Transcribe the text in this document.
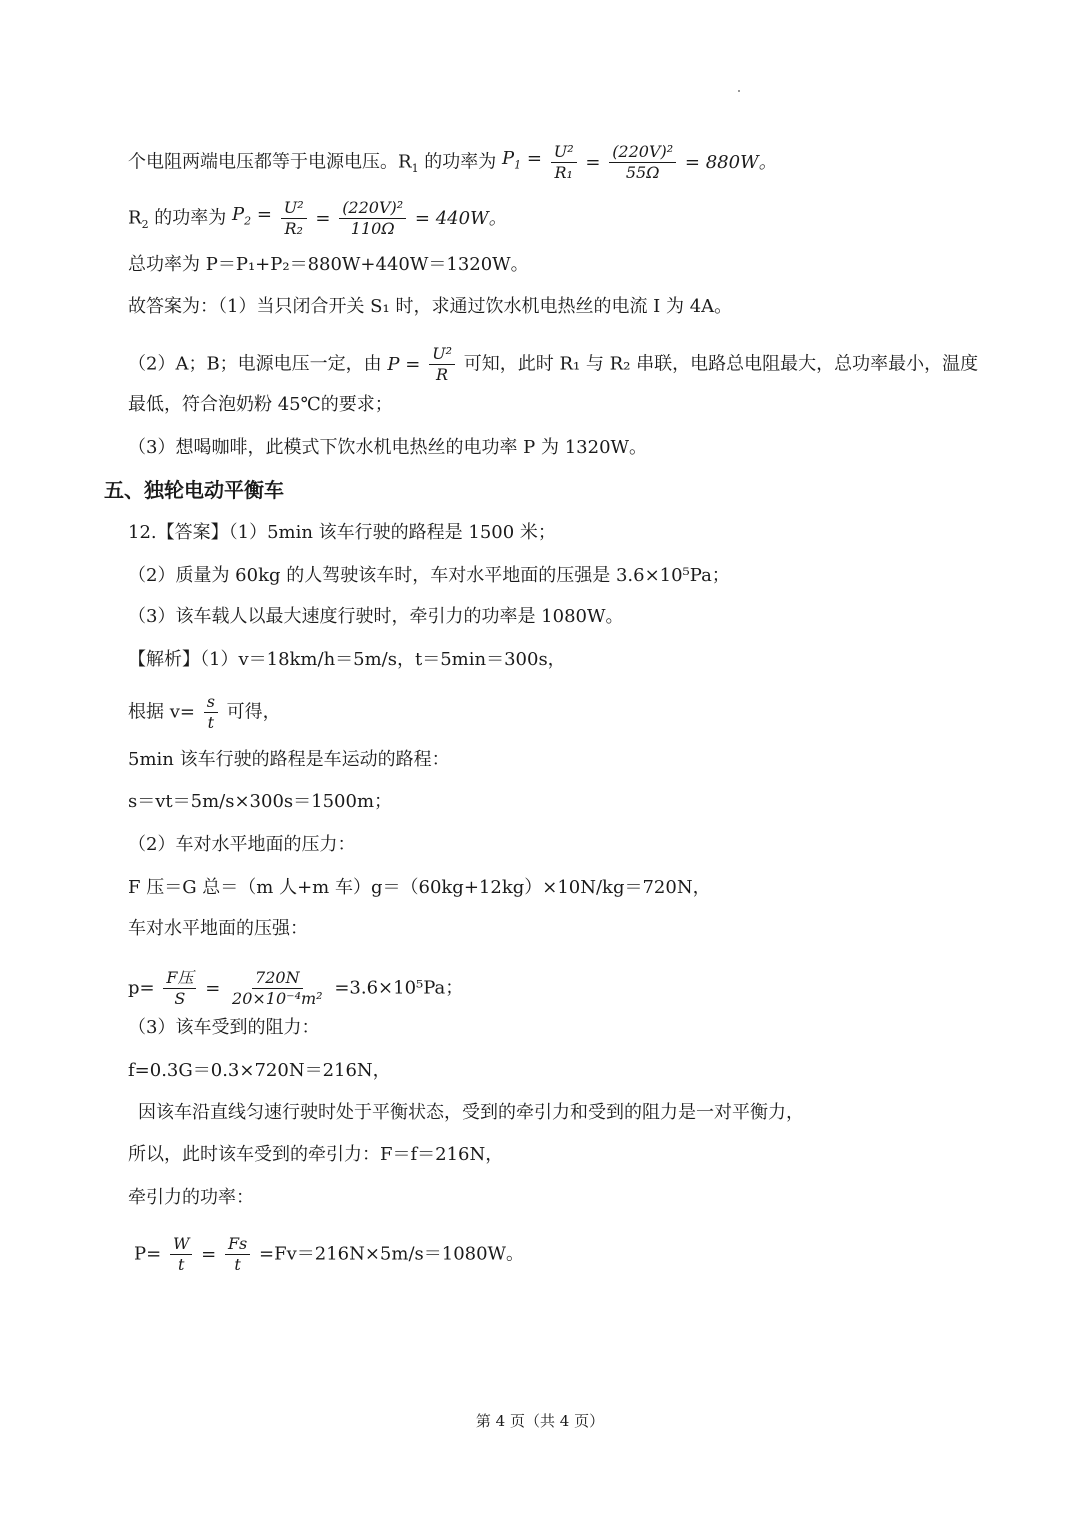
个电阻两端电压都等于电源电压。$R_1$ 的功率为 $P_1 = \frac{\text{U²}}{\text{R₁}} = \frac{\text{(220V)²}}{55\Omega} = 880W$。
$R_2$ 的功率为 $P_2 = \frac{\text{U²}}{\text{R₂}} = \frac{\text{(220V)²}}{110\Omega} = 440W$。
总功率为 P＝P₁+P₂＝880W+440W＝1320W。
故答案为：（1）当只闭合开关 S₁ 时，求通过饮水机电热丝的电流 I 为 4A。
（2）A；B；电源电压一定，由 $P = \frac{\text{U²}}{R}$ 可知，此时 R₁ 与 R₂ 串联，电路总电阻最大，总功率最小，温度
最低，符合泡奶粉 45℃的要求；
（3）想喝咖啡，此模式下饮水机电热丝的电功率 P 为 1320W。
五、独轮电动平衡车
12.【答案】（1）5min 该车行驶的路程是 1500 米；
（2）质量为 60kg 的人驾驶该车时，车对水平地面的压强是 3.6×10⁵Pa；
（3）该车载人以最大速度行驶时，牵引力的功率是 1080W。
【解析】（1）v＝18km/h＝5m/s，t＝5min＝300s，
根据 $v= \frac{s}{t}$ 可得，
5min 该车行驶的路程是车运动的路程：
s＝vt＝5m/s×300s＝1500m；
（2）车对水平地面的压力：
F 压＝G 总＝（m 人+m 车）g＝（60kg+12kg）×10N/kg＝720N，
车对水平地面的压强：
$p= \frac{\text{F压}}{S} = \frac{720N}{\text{20×10⁻⁴m²}} =3.6\times 10^5Pa$；
（3）该车受到的阻力：
f=0.3G＝0.3×720N＝216N，
因该车沿直线匀速行驶时处于平衡状态，受到的牵引力和受到的阻力是一对平衡力，
所以，此时该车受到的牵引力：F＝f＝216N，
牵引力的功率：
$P= \frac{W}{t} = \frac{Fs}{t} =Fv=216N\times 5m/s=1080W$。
第 4 页（共 4 页）
